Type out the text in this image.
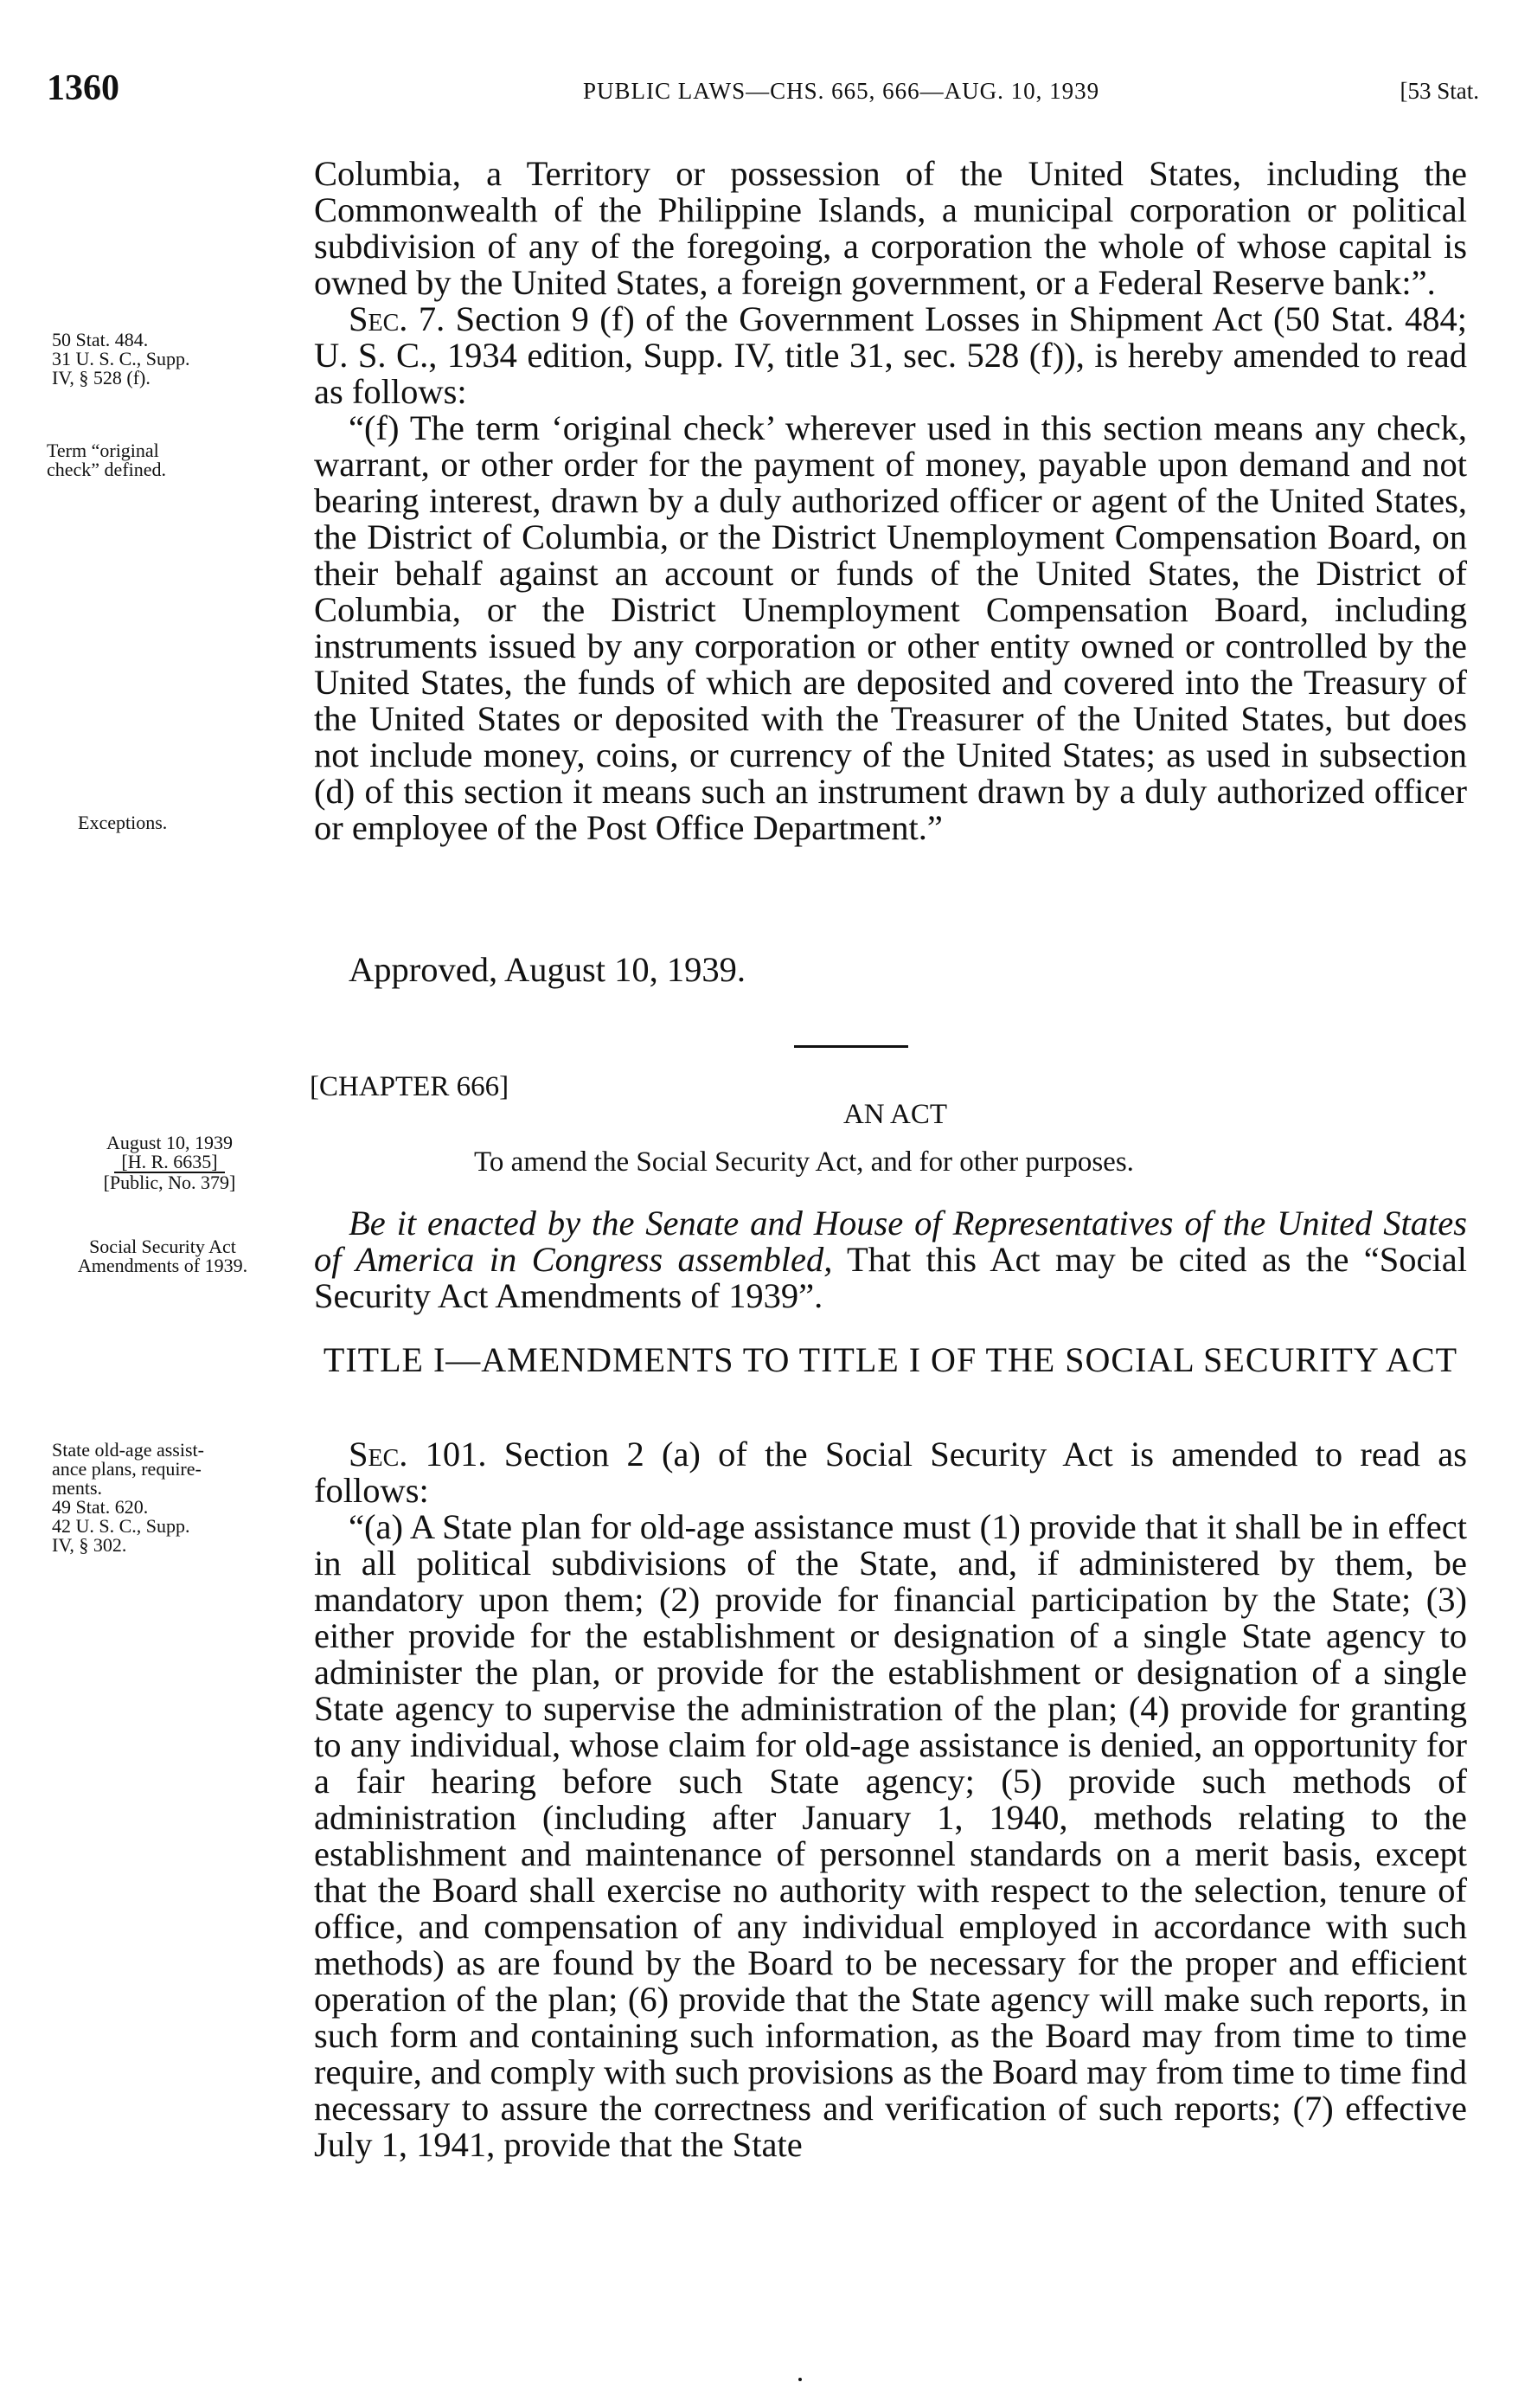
1360	PUBLIC LAWS—CHS. 665, 666—AUG. 10, 1939	[53 Stat.
50 Stat. 484.
31 U. S. C., Supp.
IV, § 528 (f).
Term “original
check” defined.
Exceptions.
August 10, 1939
[H. R. 6635]
[Public, No. 379]
Social Security Act
Amendments of 1939.
State old-age assist-
ance plans, require-
ments.
49 Stat. 620.
42 U. S. C., Supp.
IV, § 302.

Columbia, a Territory or possession of the United States, including the Commonwealth of the Philippine Islands, a municipal corporation or political subdivision of any of the foregoing, a corporation the whole of whose capital is owned by the United States, a foreign government, or a Federal Reserve bank:”.

Sec. 7. Section 9 (f) of the Government Losses in Shipment Act (50 Stat. 484; U. S. C., 1934 edition, Supp. IV, title 31, sec. 528 (f)), is hereby amended to read as follows:

“(f) The term ‘original check’ wherever used in this section means any check, warrant, or other order for the payment of money, payable upon demand and not bearing interest, drawn by a duly authorized officer or agent of the United States, the District of Columbia, or the District Unemployment Compensation Board, on their behalf against an account or funds of the United States, the District of Columbia, or the District Unemployment Compensation Board, including instruments issued by any corporation or other entity owned or controlled by the United States, the funds of which are deposited and covered into the Treasury of the United States or deposited with the Treasurer of the United States, but does not include money, coins, or currency of the United States; as used in subsection (d) of this section it means such an instrument drawn by a duly authorized officer or employee of the Post Office Department.”

Approved, August 10, 1939.
[CHAPTER 666]
AN ACT
To amend the Social Security Act, and for other purposes.

Be it enacted by the Senate and House of Representatives of the United States of America in Congress assembled, That this Act may be cited as the “Social Security Act Amendments of 1939”.

TITLE I—AMENDMENTS TO TITLE I OF THE SOCIAL SECURITY ACT

Sec. 101. Section 2 (a) of the Social Security Act is amended to read as follows:

“(a) A State plan for old-age assistance must (1) provide that it shall be in effect in all political subdivisions of the State, and, if administered by them, be mandatory upon them; (2) provide for financial participation by the State; (3) either provide for the establishment or designation of a single State agency to administer the plan, or provide for the establishment or designation of a single State agency to supervise the administration of the plan; (4) provide for granting to any individual, whose claim for old-age assistance is denied, an opportunity for a fair hearing before such State agency; (5) provide such methods of administration (including after January 1, 1940, methods relating to the establishment and maintenance of personnel standards on a merit basis, except that the Board shall exercise no authority with respect to the selection, tenure of office, and compensation of any individual employed in accordance with such methods) as are found by the Board to be necessary for the proper and efficient operation of the plan; (6) provide that the State agency will make such reports, in such form and containing such information, as the Board may from time to time require, and comply with such provisions as the Board may from time to time find necessary to assure the correctness and verification of such reports; (7) effective July 1, 1941, provide that the State
